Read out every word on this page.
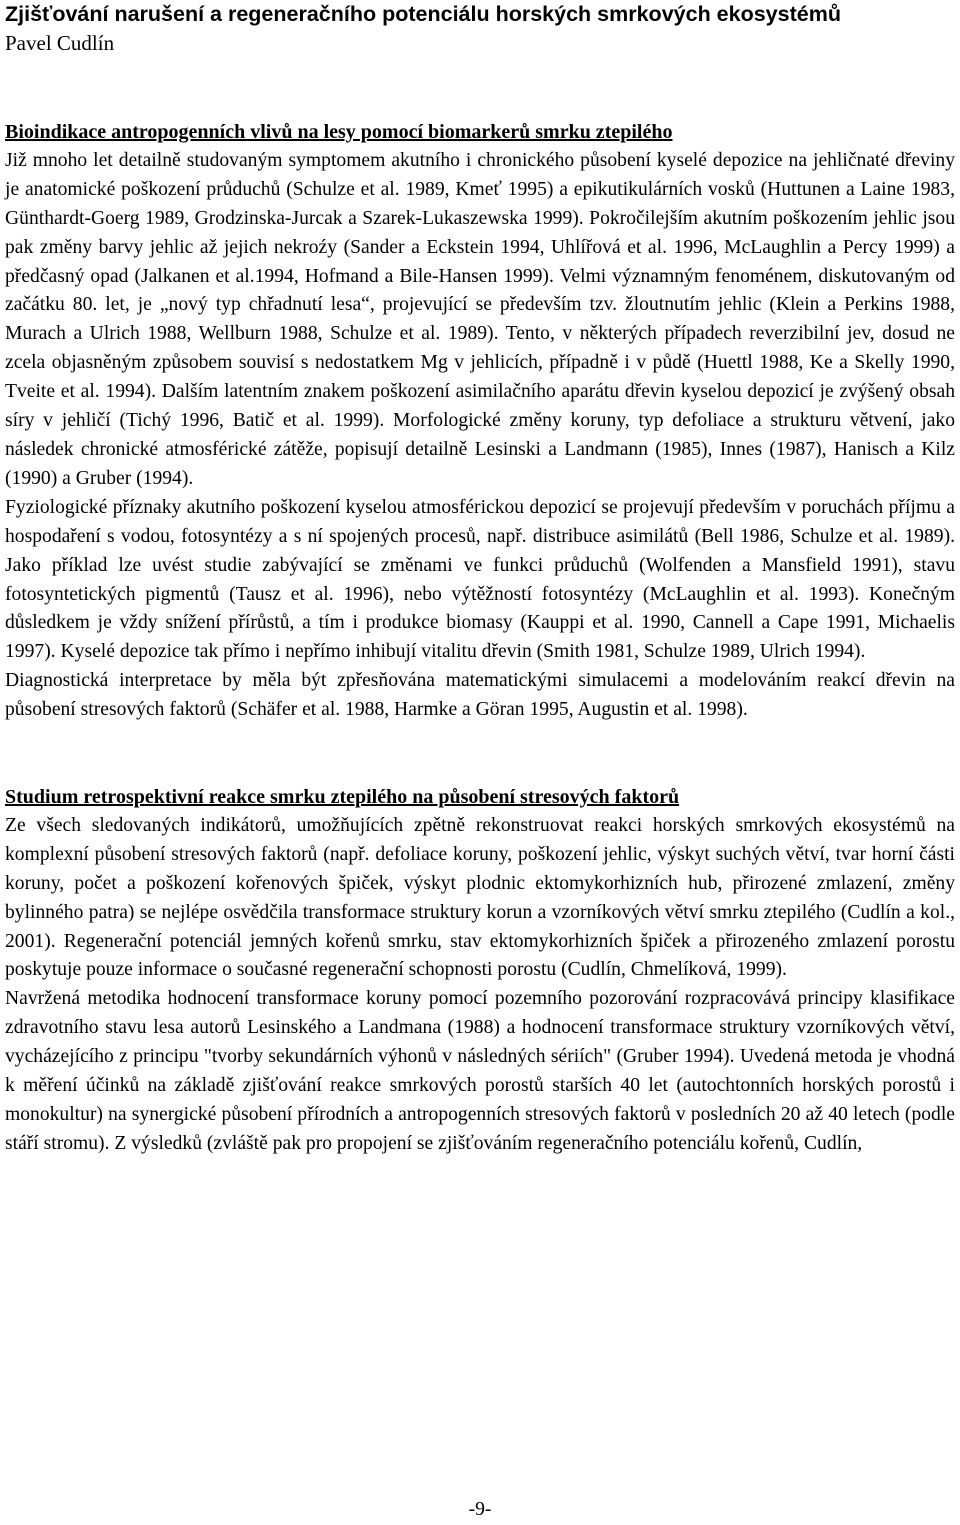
Zjišťování narušení a regeneračního potenciálu horských smrkových ekosystémů

Pavel Cudlín

Bioindikace antropogenních vlivů na lesy pomocí biomarkerů smrku ztepilého

Již mnoho let detailně studovaným symptomem akutního i chronického působení kyselé depozice na jehličnaté dřeviny je anatomické poškození průduchů (Schulze et al. 1989, Kmeť 1995) a epikutikulárních vosků (Huttunen a Laine 1983, Günthardt-Goerg 1989, Grodzinska-Jurcak a Szarek-Lukaszewska 1999). Pokročilejším akutním poškozením jehlic jsou pak změny barvy jehlic až jejich nekroźy (Sander a Eckstein 1994, Uhlířová et al. 1996, McLaughlin a Percy 1999) a předčasný opad (Jalkanen et al.1994, Hofmand a Bile-Hansen 1999). Velmi významným fenoménem, diskutovaným od začátku 80. let, je „nový typ chřadnutí lesa“, projevující se především tzv. žloutnutím jehlic (Klein a Perkins 1988, Murach a Ulrich 1988, Wellburn 1988, Schulze et al. 1989). Tento, v některých případech reverzibilní jev, dosud ne zcela objasněným způsobem souvisí s nedostatkem Mg v jehlicích, případně i v půdě (Huettl 1988, Ke a Skelly 1990, Tveite et al. 1994). Dalším latentním znakem poškození asimilačního aparátu dřevin kyselou depozicí je zvýšený obsah síry v jehličí (Tichý 1996, Batič et al. 1999). Morfologické změny koruny, typ defoliace a strukturu větvení, jako následek chronické atmosférické zátěže, popisují detailně Lesinski a Landmann (1985), Innes (1987), Hanisch a Kilz (1990) a Gruber (1994).

Fyziologické příznaky akutního poškození kyselou atmosférickou depozicí se projevují především v poruchách příjmu a hospodaření s vodou, fotosyntézy a s ní spojených procesů, např. distribuce asimilátů (Bell 1986, Schulze et al. 1989). Jako příklad lze uvést studie zabývající se změnami ve funkci průduchů (Wolfenden a Mansfield 1991), stavu fotosyntetických pigmentů (Tausz et al. 1996), nebo výtěžností fotosyntézy (McLaughlin et al. 1993). Konečným důsledkem je vždy snížení přírůstů, a tím i produkce biomasy (Kauppi et al. 1990, Cannell a Cape 1991, Michaelis 1997). Kyselé depozice tak přímo i nepřímo inhibují vitalitu dřevin (Smith 1981, Schulze 1989, Ulrich 1994).

Diagnostická interpretace by měla být zpřesňována matematickými simulacemi a modelováním reakcí dřevin na působení stresových faktorů (Schäfer et al. 1988, Harmke a Göran 1995, Augustin et al. 1998).

Studium retrospektivní reakce smrku ztepilého na působení stresových faktorů

Ze všech sledovaných indikátorů, umožňujících zpětně rekonstruovat reakci horských smrkových ekosystémů na komplexní působení stresových faktorů (např. defoliace koruny, poškození jehlic, výskyt suchých větví, tvar horní části koruny, počet a poškození kořenových špiček, výskyt plodnic ektomykorhizních hub, přirozené zmlazení, změny bylinného patra) se nejlépe osvědčila transformace struktury korun a vzorníkových větví smrku ztepilého (Cudlín a kol., 2001). Regenerační potenciál jemných kořenů smrku, stav ektomykorhizních špiček a přirozeného zmlazení porostu poskytuje pouze informace o současné regenerační schopnosti porostu (Cudlín, Chmelíková, 1999).

Navržená metodika hodnocení transformace koruny pomocí pozemního pozorování rozpracovává principy klasifikace zdravotního stavu lesa autorů Lesinského a Landmana (1988) a hodnocení transformace struktury vzorníkových větví, vycházejícího z principu "tvorby sekundárních výhonů v následných sériích" (Gruber 1994). Uvedená metoda je vhodná k měření účinků na základě zjišťování reakce smrkových porostů starších 40 let (autochtonních horských porostů i monokultur) na synergické působení přírodních a antropogenních stresových faktorů v posledních 20 až 40 letech (podle stáří stromu). Z výsledků (zvláště pak pro propojení se zjišťováním regeneračního potenciálu kořenů, Cudlín,

-9-
